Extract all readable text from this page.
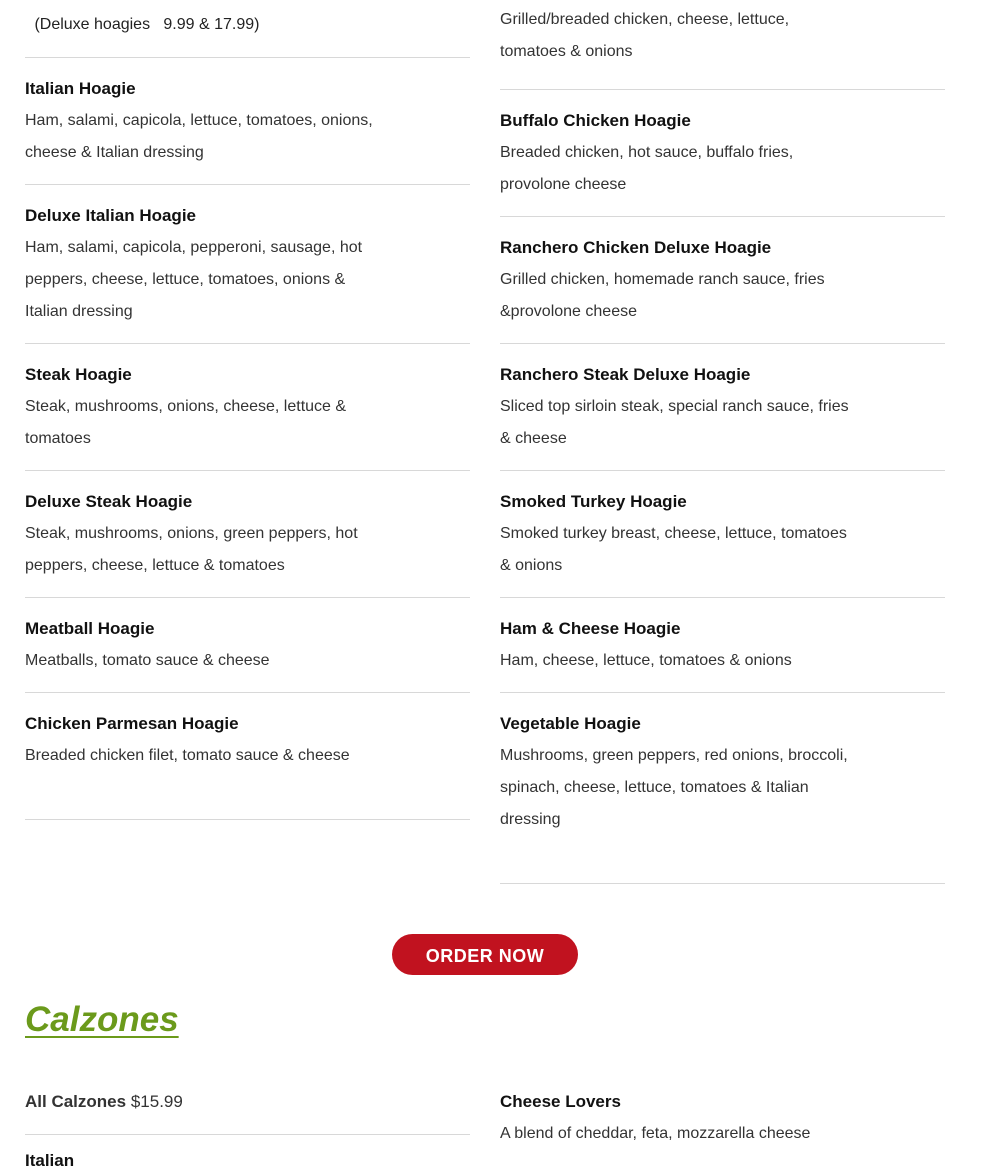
(Deluxe hoagies   9.99 & 17.99)
Italian Hoagie
Ham, salami, capicola, lettuce, tomatoes, onions, cheese & Italian dressing
Deluxe Italian Hoagie
Ham, salami, capicola, pepperoni, sausage, hot peppers, cheese, lettuce, tomatoes, onions & Italian dressing
Steak Hoagie
Steak, mushrooms, onions, cheese, lettuce & tomatoes
Deluxe Steak Hoagie
Steak, mushrooms, onions, green peppers, hot peppers, cheese, lettuce & tomatoes
Meatball Hoagie
Meatballs, tomato sauce & cheese
Chicken Parmesan Hoagie
Breaded chicken filet, tomato sauce & cheese
Grilled/breaded chicken, cheese, lettuce, tomatoes & onions
Buffalo Chicken Hoagie
Breaded chicken, hot sauce, buffalo fries, provolone cheese
Ranchero Chicken Deluxe Hoagie
Grilled chicken, homemade ranch sauce, fries &provolone cheese
Ranchero Steak Deluxe Hoagie
Sliced top sirloin steak, special ranch sauce, fries & cheese
Smoked Turkey Hoagie
Smoked turkey breast, cheese, lettuce, tomatoes & onions
Ham & Cheese Hoagie
Ham, cheese, lettuce, tomatoes & onions
Vegetable Hoagie
Mushrooms, green peppers, red onions, broccoli, spinach, cheese, lettuce, tomatoes & Italian dressing
ORDER NOW
Calzones
All Calzones $15.99
Italian
Cheese Lovers
A blend of cheddar, feta, mozzarella cheese
